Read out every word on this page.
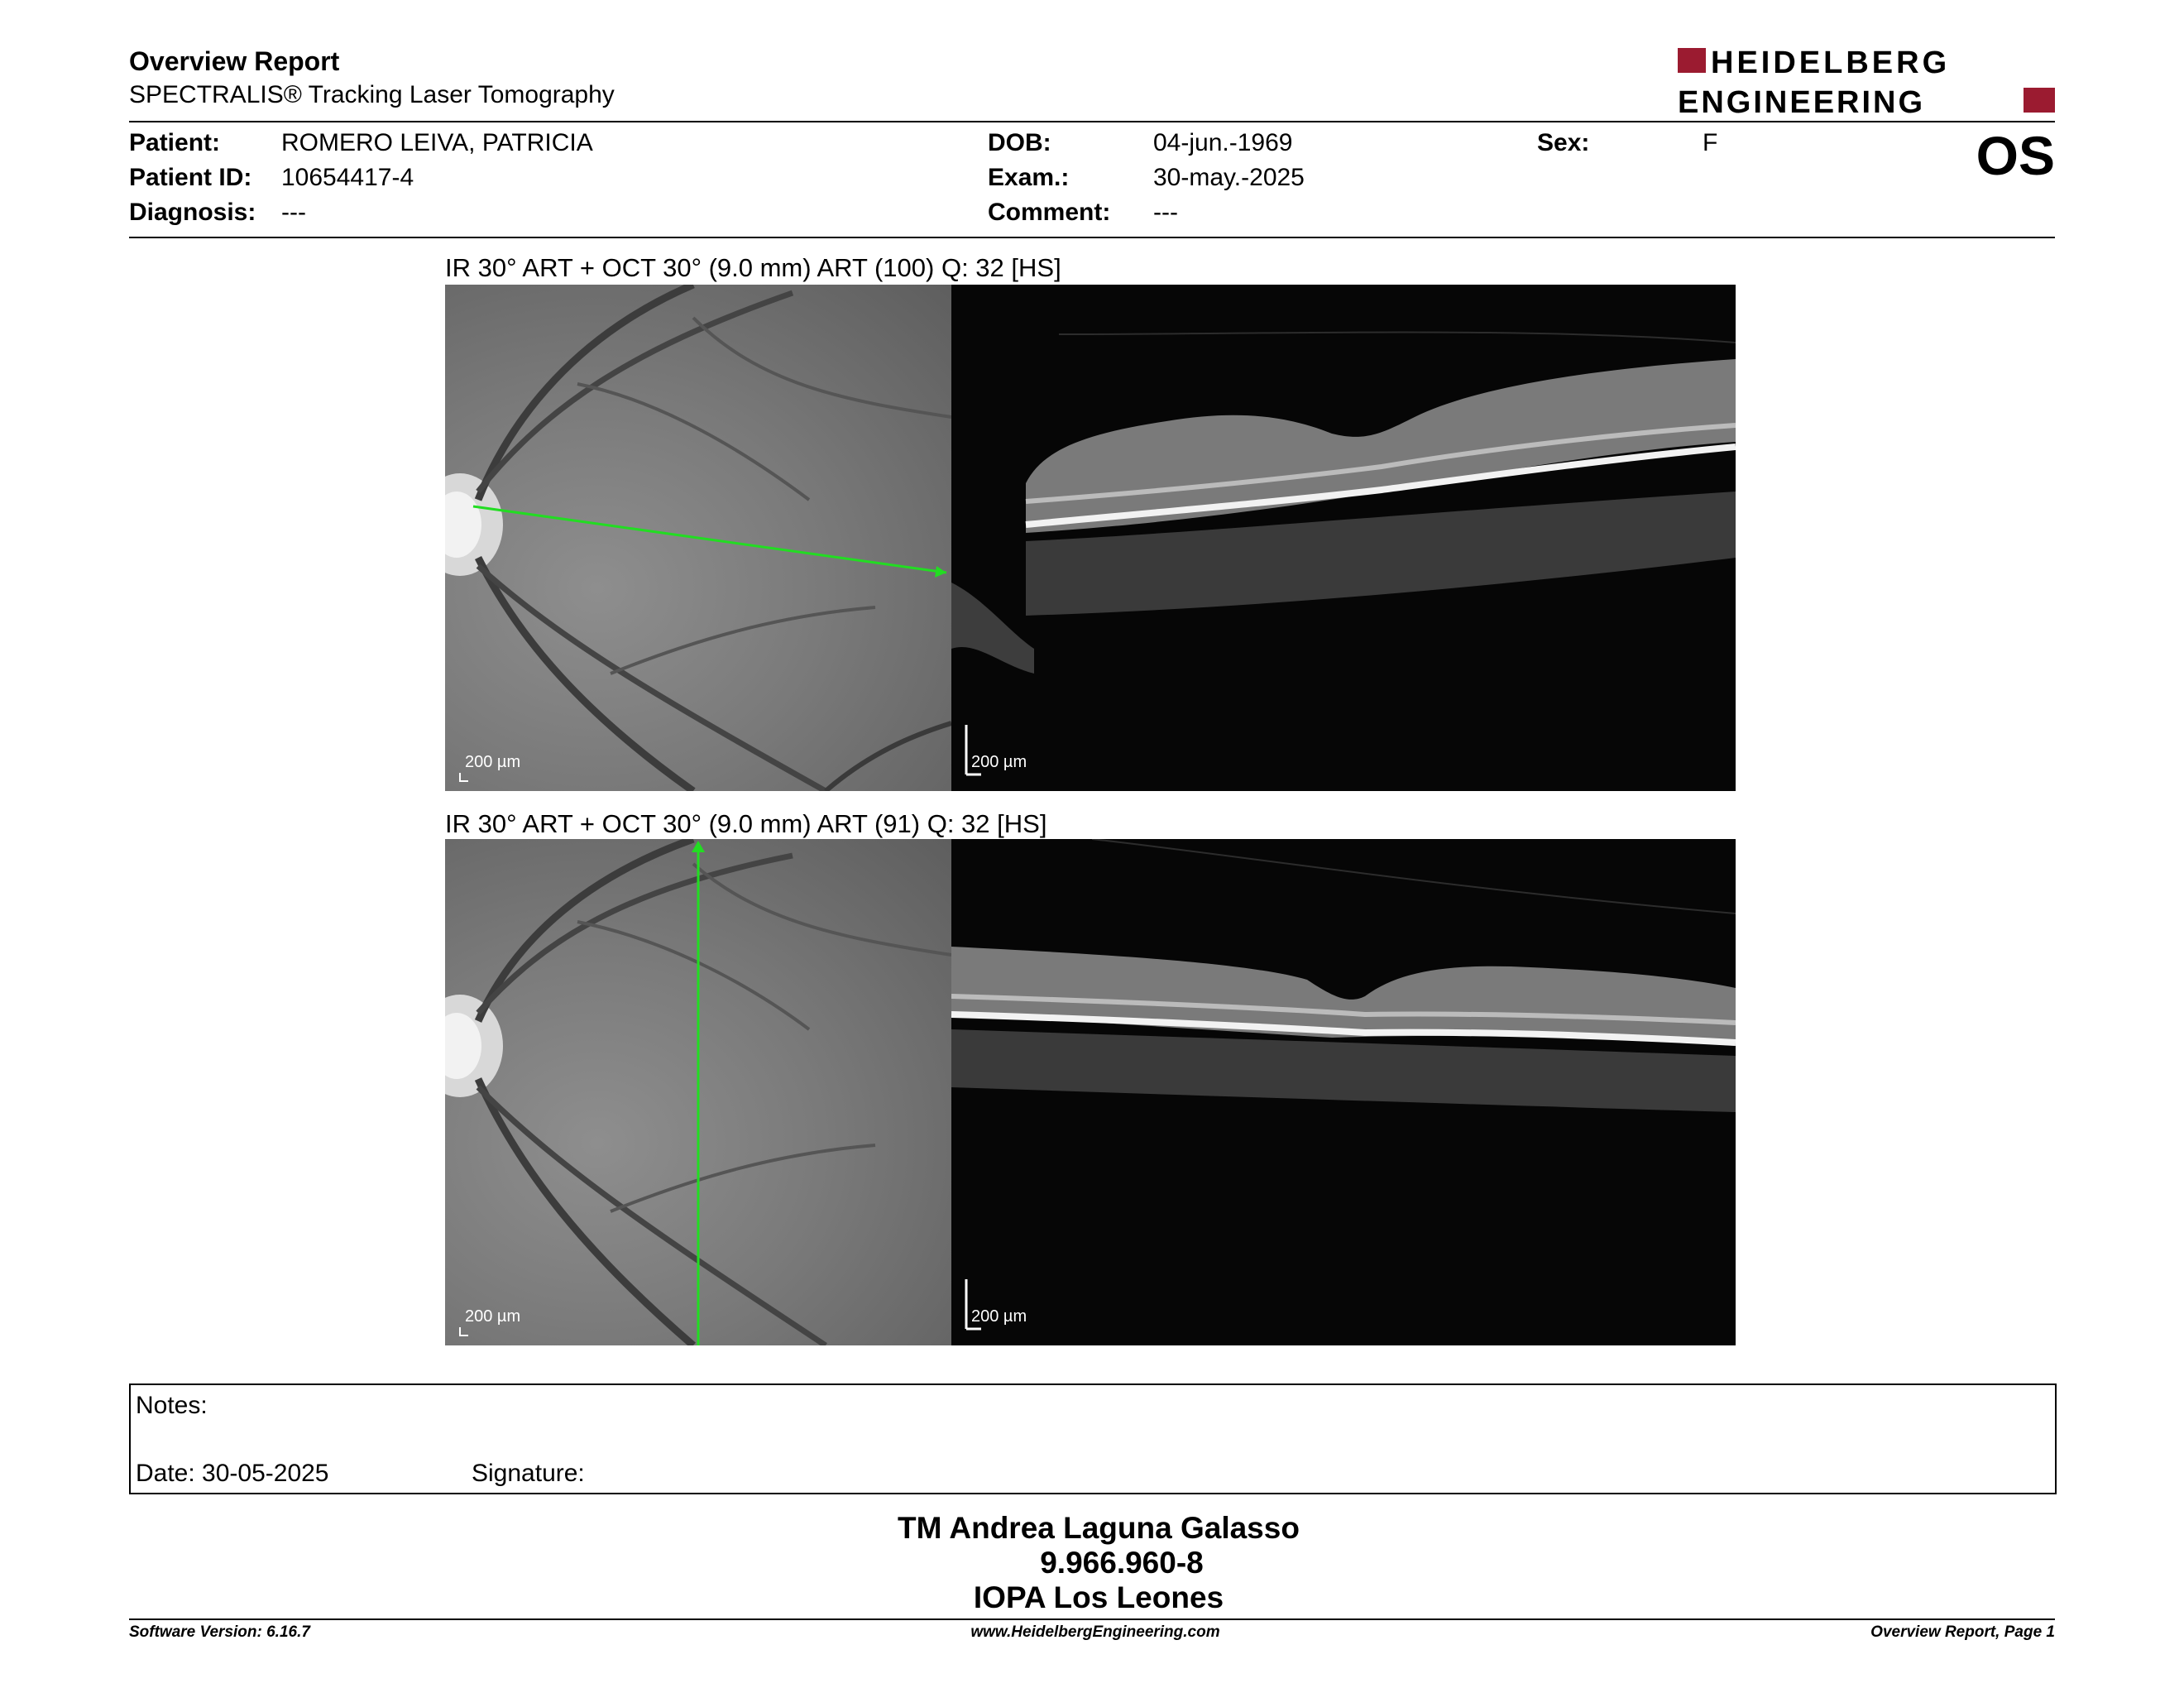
Overview Report
SPECTRALIS® Tracking Laser Tomography
HEIDELBERG
ENGINEERING
Patient: ROMERO LEIVA, PATRICIA
Patient ID: 10654417-4
Diagnosis: ---
DOB:	04-jun.-1969
Exam.:	30-may.-2025
Comment: ---
Sex:	F	OS
IR 30° ART + OCT 30° (9.0 mm) ART (100) Q: 32 [HS]
200 µm	200 µm
IR 30° ART + OCT 30° (9.0 mm) ART (91) Q: 32 [HS]
200 µm	200 µm
Notes:
Date: 30-05-2025	Signature:
TM Andrea Laguna Galasso
9.966.960-8
IOPA Los Leones
Software Version: 6.16.7	www.HeidelbergEngineering.com	Overview Report, Page 1
